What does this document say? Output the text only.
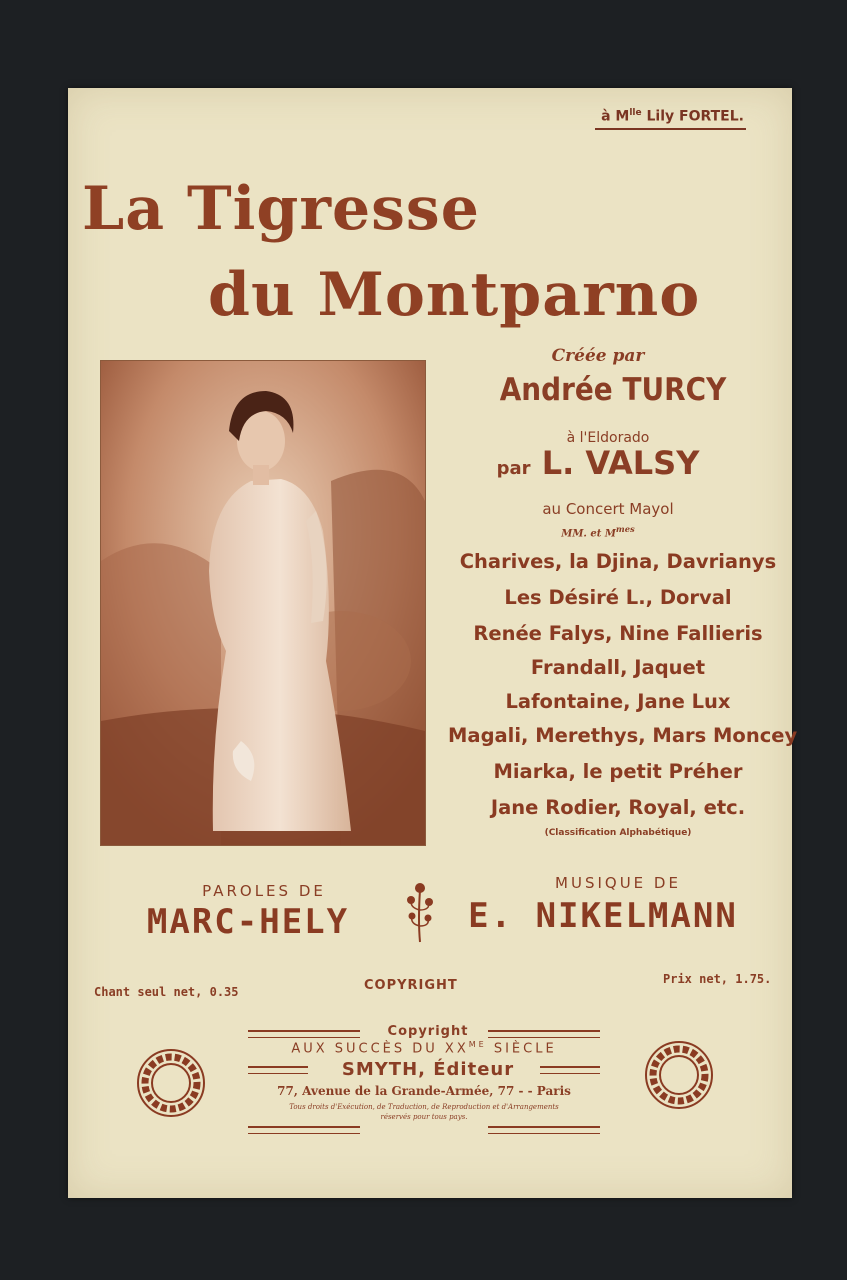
à $M^{lle}$ Lily FORTEL.
La Tigresse
du Montparno
Créée par
Andrée TURCY
à l'Eldorado
par L. VALSY
au Concert Mayol
MM. et $M^{mes}$
Charives, la Djina, Davrianys
Les Désiré L., Dorval
Renée Falys, Nine Fallieris
Frandall, Jaquet
Lafontaine, Jane Lux
Magali, Merethys, Mars Moncey
Miarka, le petit Préher
Jane Rodier, Royal, etc.
(Classification Alphabétique)
PAROLES DE
MARC-HELY
MUSIQUE DE
E. NIKELMANN
Chant seul net, 0.35	COPYRIGHT	Prix net, 1.75.
Copyright
AUX SUCCÈS DU $XX^{ME}$ SIÈCLE
SMYTH, Éditeur
77, Avenue de la Grande-Armée, 77 - - Paris
Tous droits d'Exécution, de Traduction, de Reproduction et d'Arrangements
réservés pour tous pays.
